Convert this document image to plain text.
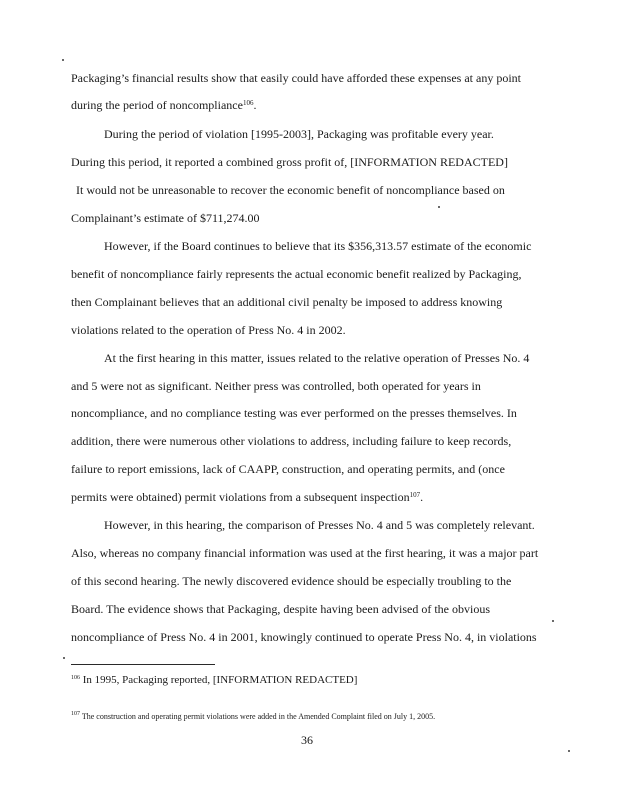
Packaging’s financial results show that easily could have afforded these expenses at any point
during the period of noncompliance$^{106}$.
During the period of violation [1995-2003], Packaging was profitable every year.
During this period, it reported a combined gross profit of, [INFORMATION REDACTED]
It would not be unreasonable to recover the economic benefit of noncompliance based on
Complainant’s estimate of $711,274.00
However, if the Board continues to believe that its $356,313.57 estimate of the economic
benefit of noncompliance fairly represents the actual economic benefit realized by Packaging,
then Complainant believes that an additional civil penalty be imposed to address knowing
violations related to the operation of Press No. 4 in 2002.
At the first hearing in this matter, issues related to the relative operation of Presses No. 4
and 5 were not as significant. Neither press was controlled, both operated for years in
noncompliance, and no compliance testing was ever performed on the presses themselves. In
addition, there were numerous other violations to address, including failure to keep records,
failure to report emissions, lack of CAAPP, construction, and operating permits, and (once
permits were obtained) permit violations from a subsequent inspection$^{107}$.
However, in this hearing, the comparison of Presses No. 4 and 5 was completely relevant.
Also, whereas no company financial information was used at the first hearing, it was a major part
of this second hearing. The newly discovered evidence should be especially troubling to the
Board. The evidence shows that Packaging, despite having been advised of the obvious
noncompliance of Press No. 4 in 2001, knowingly continued to operate Press No. 4, in violations
$^{106}$ In 1995, Packaging reported, [INFORMATION REDACTED]
$^{107}$ The construction and operating permit violations were added in the Amended Complaint filed on July 1, 2005.
36
